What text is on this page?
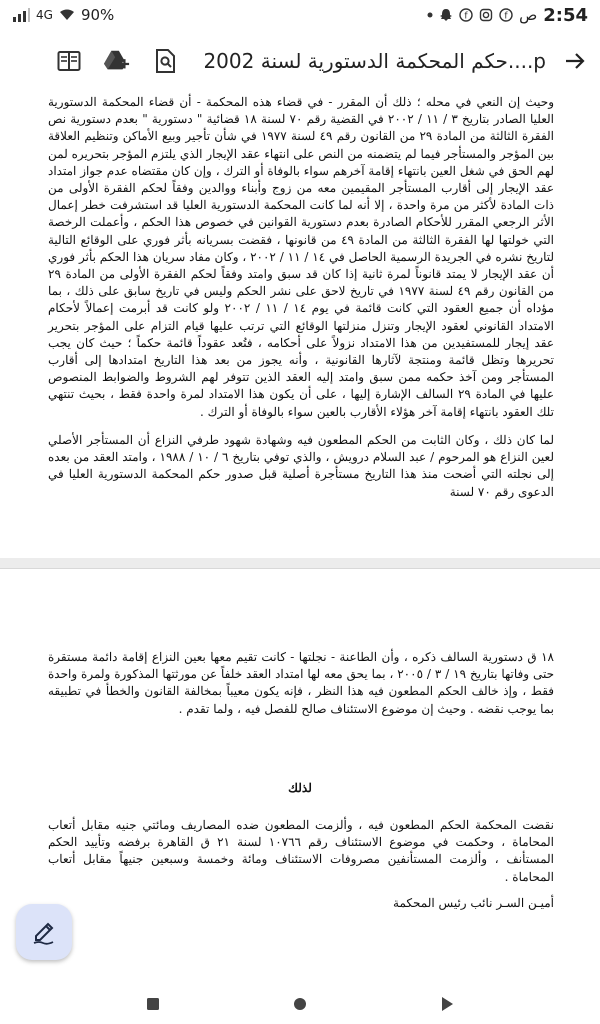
4G 90%	f	f ص 2:54
حكم المحكمة الدستورية لسنة 2002....p

وحيث إن النعي في محله ؛ ذلك أن المقرر - في قضاء هذه المحكمة - أن قضاء المحكمة الدستورية العليا الصادر بتاريخ ٣ / ١١ / ٢٠٠٢ في القضية رقم ٧٠ لسنة ١٨ قضائية " دستورية " بعدم دستورية نص الفقرة الثالثة من المادة ٢٩ من القانون رقم ٤٩ لسنة ١٩٧٧ في شأن تأجير وبيع الأماكن وتنظيم العلاقة بين المؤجر والمستأجر فيما لم يتضمنه من النص على انتهاء عقد الإيجار الذي يلتزم المؤجر بتحريره لمن لهم الحق في شغل العين بانتهاء إقامة آخرهم سواء بالوفاة أو الترك ، وإن كان مقتضاه عدم جواز امتداد عقد الإيجار إلى أقارب المستأجر المقيمين معه من زوج وأبناء ووالدين وفقاً لحكم الفقرة الأولى من ذات المادة لأكثر من مرة واحدة ، إلا أنه لما كانت المحكمة الدستورية العليا قد استشرفت خطر إعمال الأثر الرجعي المقرر للأحكام الصادرة بعدم دستورية القوانين في خصوص هذا الحكم ، وأعملت الرخصة التي خولتها لها الفقرة الثالثة من المادة ٤٩ من قانونها ، فقضت بسريانه بأثر فوري على الوقائع التالية لتاريخ نشره في الجريدة الرسمية الحاصل في ١٤ / ١١ / ٢٠٠٢ ، وكان مفاد سريان هذا الحكم بأثر فوري أن عقد الإيجار لا يمتد قانوناً لمرة ثانية إذا كان قد سبق وامتد وفقاً لحكم الفقرة الأولى من المادة ٢٩ من القانون رقم ٤٩ لسنة ١٩٧٧ في تاريخ لاحق على نشر الحكم وليس في تاريخ سابق على ذلك ، بما مؤداه أن جميع العقود التي كانت قائمة في يوم ١٤ / ١١ / ٢٠٠٢ ولو كانت قد أبرمت إعمالاً لأحكام الامتداد القانوني لعقود الإيجار وتنزل منزلتها الوقائع التي ترتب عليها قيام التزام على المؤجر بتحرير عقد إيجار للمستفيدين من هذا الامتداد نزولاً على أحكامه ، فتُعد عقوداً قائمة حكماً ؛ حيث كان يجب تحريرها وتظل قائمة ومنتجة لآثارها القانونية ، وأنه يجوز من بعد هذا التاريخ امتدادها إلى أقارب المستأجر ومن آخذ حكمه ممن سبق وامتد إليه العقد الذين تتوفر لهم الشروط والضوابط المنصوص عليها في المادة ٢٩ السالف الإشارة إليها ، على أن يكون هذا الامتداد لمرة واحدة فقط ، بحيث تنتهي تلك العقود بانتهاء إقامة آخر هؤلاء الأقارب بالعين سواء بالوفاة أو الترك .

لما كان ذلك ، وكان الثابت من الحكم المطعون فيه وشهادة شهود طرفي النزاع أن المستأجر الأصلي لعين النزاع هو المرحوم / عبد السلام درويش ، والذي توفي بتاريخ ٦ / ١٠ / ١٩٨٨ ، وامتد العقد من بعده إلى نجلته التي أضحت منذ هذا التاريخ مستأجرة أصلية قبل صدور حكم المحكمة الدستورية العليا في الدعوى رقم ٧٠ لسنة

١٨ ق دستورية السالف ذكره ، وأن الطاعنة - نجلتها - كانت تقيم معها بعين النزاع إقامة دائمة مستقرة حتى وفاتها بتاريخ ١٩ / ٣ / ٢٠٠٥ ، بما يحق معه لها امتداد العقد خلفاً عن مورثتها المذكورة ولمرة واحدة فقط ، وإذ خالف الحكم المطعون فيه هذا النظر ، فإنه يكون معيباً بمخالفة القانون والخطأ في تطبيقه بما يوجب نقضه . وحيث إن موضوع الاستئناف صالح للفصل فيه ، ولما تقدم .

لذلك

نقضت المحكمة الحكم المطعون فيه ، وألزمت المطعون ضده المصاريف ومائتي جنيه مقابل أتعاب المحاماة ، وحكمت في موضوع الاستئناف رقم ١٠٧٦٦ لسنة ٢١ ق القاهرة برفضه وتأييد الحكم المستأنف ، وألزمت المستأنفين مصروفات الاستئناف ومائة وخمسة وسبعين جنيهاً مقابل أتعاب المحاماة .

أميـن السـر نائب رئيس المحكمة
